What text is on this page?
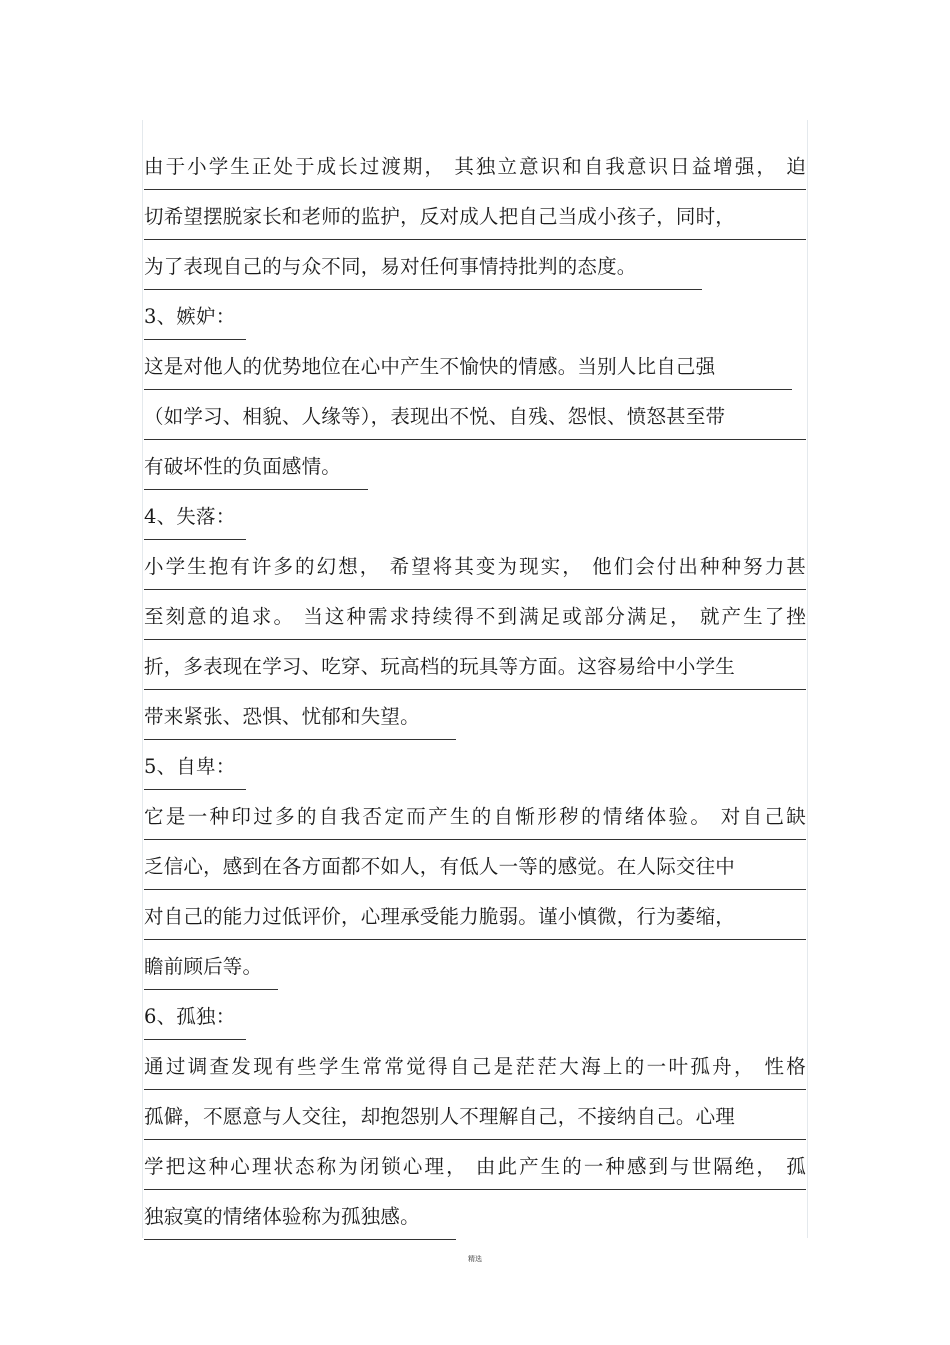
由于小学生正处于成长过渡期， 其独立意识和自我意识日益增强， 迫
切希望摆脱家长和老师的监护，反对成人把自己当成小孩子，同时，
为了表现自己的与众不同，易对任何事情持批判的态度。
3、嫉妒：
这是对他人的优势地位在心中产生不愉快的情感。当别人比自己强
（如学习、相貌、人缘等），表现出不悦、自残、怨恨、愤怒甚至带
有破坏性的负面感情。
4、失落：
小学生抱有许多的幻想， 希望将其变为现实， 他们会付出种种努力甚
至刻意的追求。 当这种需求持续得不到满足或部分满足， 就产生了挫
折，多表现在学习、吃穿、玩高档的玩具等方面。这容易给中小学生
带来紧张、恐惧、忧郁和失望。
5、自卑：
它是一种印过多的自我否定而产生的自惭形秽的情绪体验。 对自己缺
乏信心，感到在各方面都不如人，有低人一等的感觉。在人际交往中
对自己的能力过低评价，心理承受能力脆弱。谨小慎微，行为萎缩，
瞻前顾后等。
6、孤独：
通过调查发现有些学生常常觉得自己是茫茫大海上的一叶孤舟， 性格
孤僻，不愿意与人交往，却抱怨别人不理解自己，不接纳自己。心理
学把这种心理状态称为闭锁心理， 由此产生的一种感到与世隔绝， 孤
独寂寞的情绪体验称为孤独感。
精选
